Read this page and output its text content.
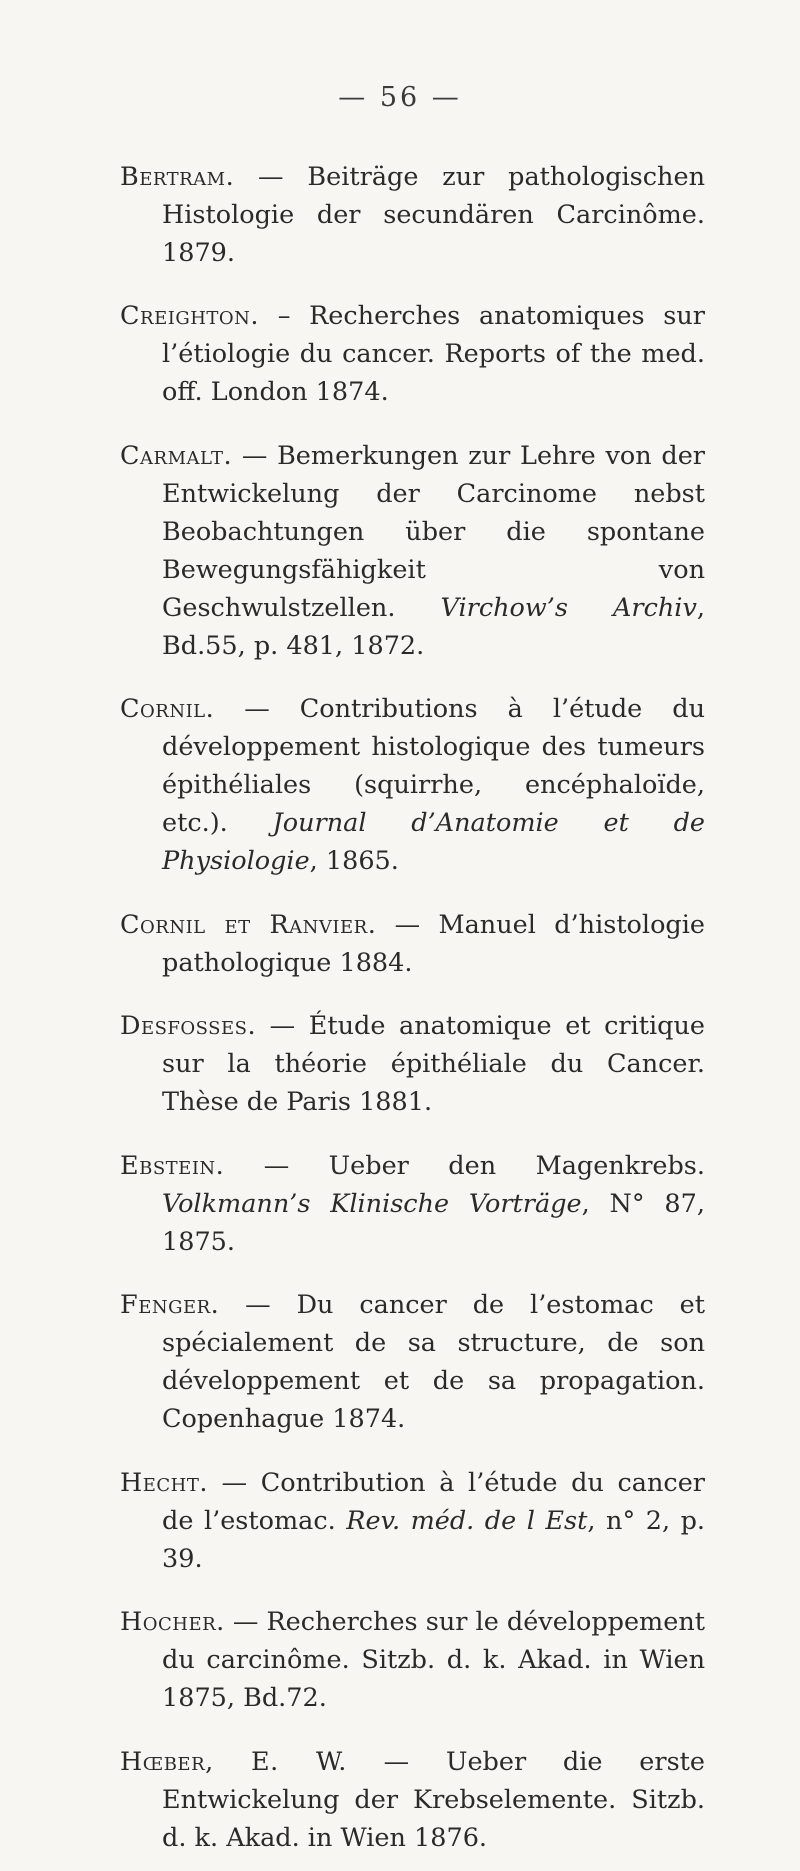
— 56 —

Bertram. — Beiträge zur pathologischen Histologie der secundären Carcinôme. 1879.

Creighton. – Recherches anatomiques sur l’étiologie du cancer. Reports of the med. off. London 1874.

Carmalt. — Bemerkungen zur Lehre von der Entwickelung der Carcinome nebst Beobachtungen über die spontane Bewegungsfähigkeit von Geschwulstzellen. Virchow’s Archiv, Bd.55, p. 481, 1872.

Cornil. — Contributions à l’étude du développement histologique des tumeurs épithéliales (squirrhe, encéphaloïde, etc.). Journal d’Anatomie et de Physiologie, 1865.

Cornil et Ranvier. — Manuel d’histologie pathologique 1884.

Desfosses. — Étude anatomique et critique sur la théorie épithéliale du Cancer. Thèse de Paris 1881.

Ebstein. — Ueber den Magenkrebs. Volkmann’s Klinische Vorträge, N° 87, 1875.

Fenger. — Du cancer de l’estomac et spécialement de sa structure, de son développement et de sa propagation. Copenhague 1874.

Hecht. — Contribution à l’étude du cancer de l’estomac. Rev. méd. de l Est, n° 2, p. 39.

Hocher. — Recherches sur le développement du carcinôme. Sitzb. d. k. Akad. in Wien 1875, Bd.72.

Hœber, E. W. — Ueber die erste Entwickelung der Krebselemente. Sitzb. d. k. Akad. in Wien 1876.
